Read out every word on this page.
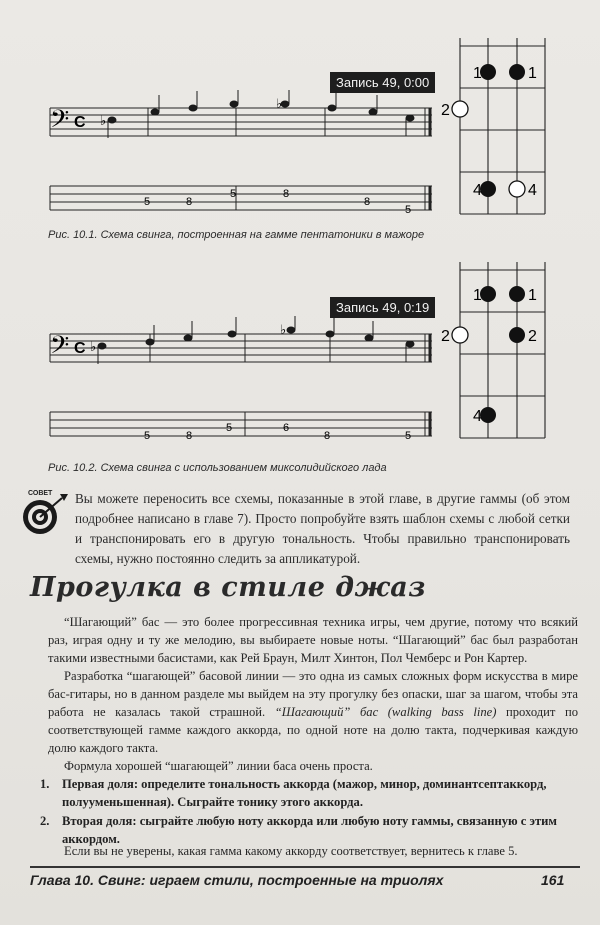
Запись 49, 0:00
𝄢 C ♭
♭
5	8
5	8
8
5
Рис. 10.1. Схема свинга, построенная на гамме пентатоники в мажоре
1	1
2
4	4
Запись 49, 0:19
𝄢 C ♭
♭
5	8
5	6
8	5
Рис. 10.2. Схема свинга с использованием миксолидийского лада
1	1
2	2
4
СОВЕТ Вы можете переносить все схемы, показанные в этой главе, в другие гаммы (об этом подробнее написано в главе 7). Просто попробуйте взять шаблон схемы с любой сетки и транспонировать его в другую тональность. Чтобы правильно транспонировать схемы, нужно постоянно следить за аппликатурой.
Прогулка в стиле джаз
“Шагающий” бас — это более прогрессивная техника игры, чем другие, потому что всякий раз, играя одну и ту же мелодию, вы выбираете новые ноты. “Шагающий” бас был разработан такими известными басистами, как Рей Браун, Милт Хинтон, Пол Чемберс и Рон Картер.
Разработка “шагающей” басовой линии — это одна из самых сложных форм искусства в мире бас-гитары, но в данном разделе мы выйдем на эту прогулку без опаски, шаг за шагом, чтобы эта работа не казалась такой страшной. “Шагающий” бас (walking bass line) проходит по соответствующей гамме каждого аккорда, по одной ноте на долю такта, подчеркивая каждую долю каждого такта.
Формула хорошей “шагающей” линии баса очень проста.
1. Первая доля: определите тональность аккорда (мажор, минор, доминантсептаккорд, полууменьшенная). Сыграйте тонику этого аккорда.
2. Вторая доля: сыграйте любую ноту аккорда или любую ноту гаммы, связанную с этим аккордом.
Если вы не уверены, какая гамма какому аккорду соответствует, вернитесь к главе 5.
Глава 10. Свинг: играем стили, построенные на триолях	161
